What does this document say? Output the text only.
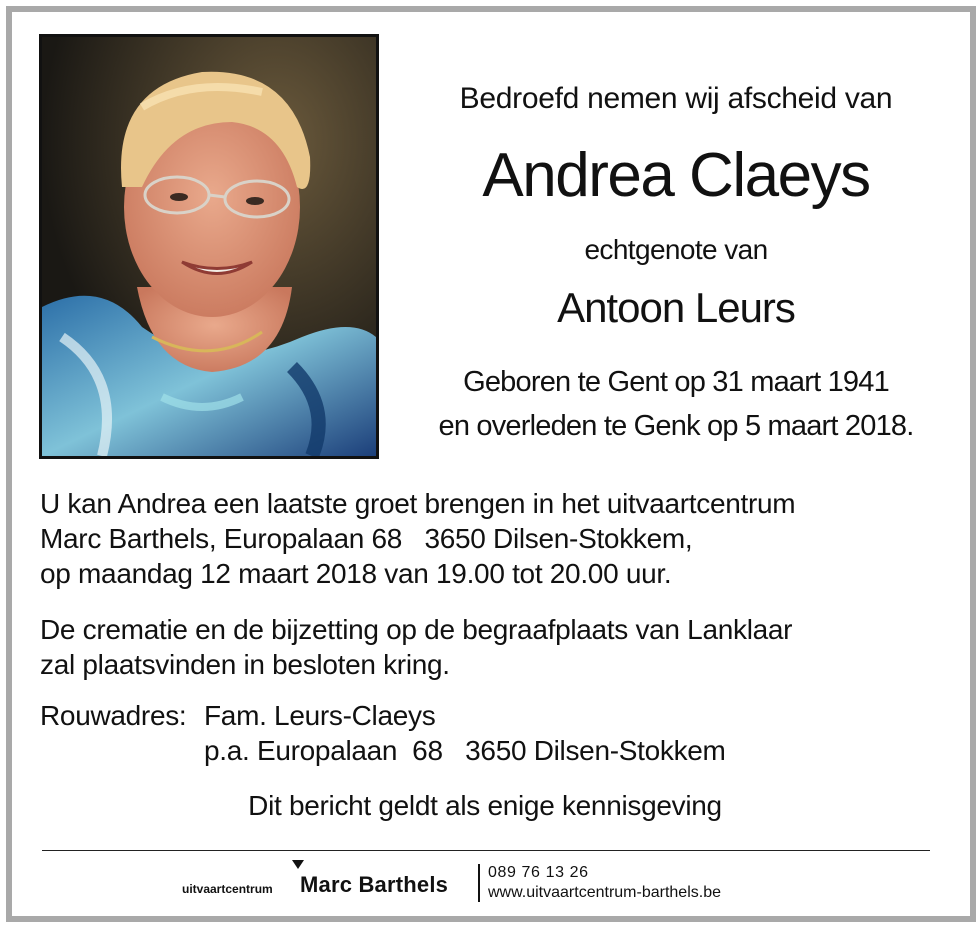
Bedroefd nemen wij afscheid van
Andrea Claeys
echtgenote van
Antoon Leurs
Geboren te Gent op 31 maart 1941
en overleden te Genk op 5 maart 2018.
U kan Andrea een laatste groet brengen in het uitvaartcentrum
Marc Barthels, Europalaan 68   3650 Dilsen-Stokkem,
op maandag 12 maart 2018 van 19.00 tot 20.00 uur.
De crematie en de bijzetting op de begraafplaats van Lanklaar
zal plaatsvinden in besloten kring.
Rouwadres: Fam. Leurs-Claeys
p.a. Europalaan  68   3650 Dilsen-Stokkem
Dit bericht geldt als enige kennisgeving
uitvaartcentrum Marc Barthels 089 76 13 26
www.uitvaartcentrum-barthels.be
